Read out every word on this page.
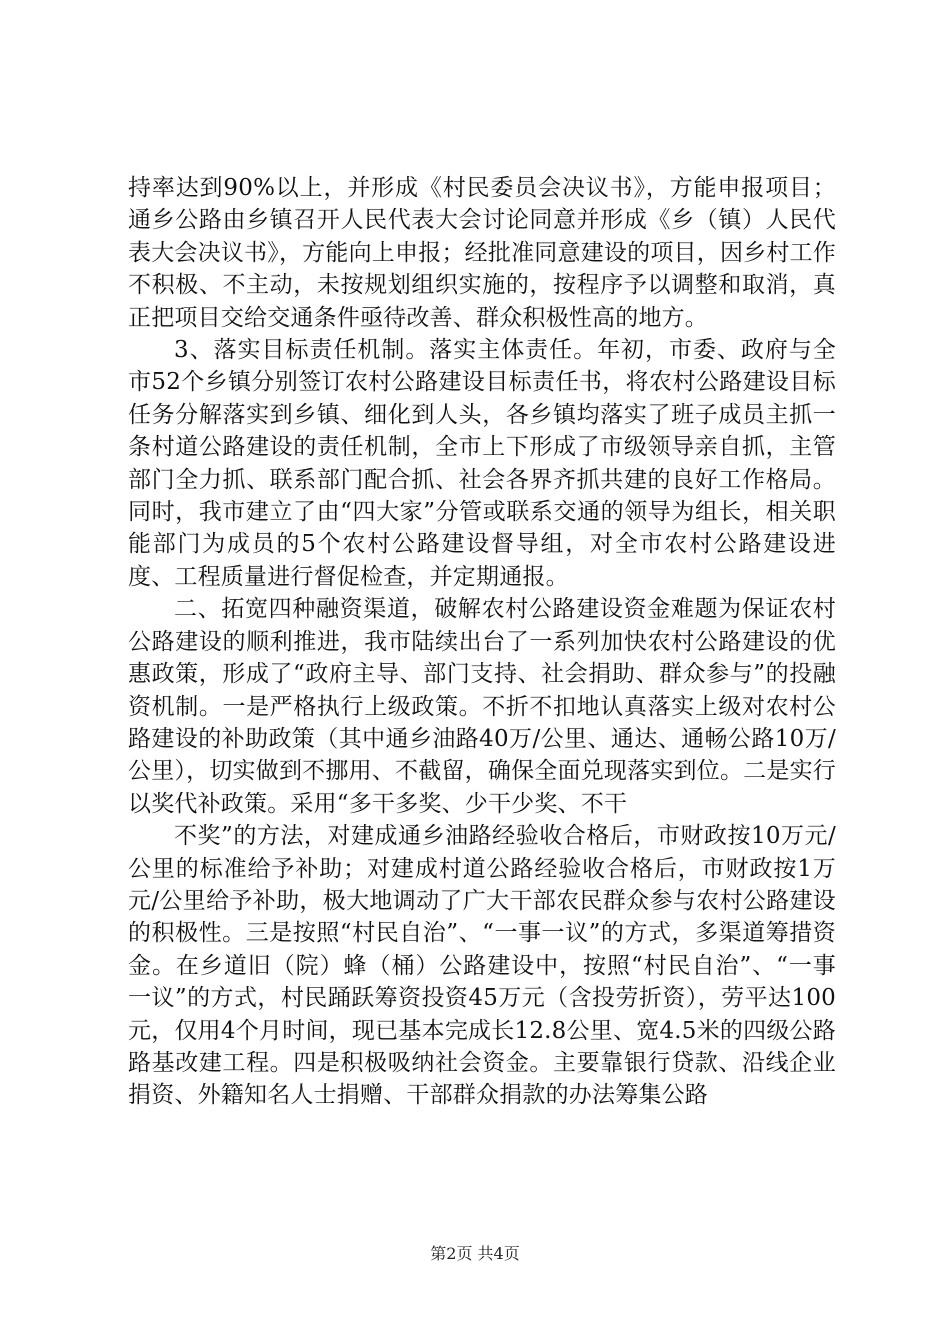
持率达到90%以上，并形成《村民委员会决议书》，方能申报项目；通乡公路由乡镇召开人民代表大会讨论同意并形成《乡（镇）人民代表大会决议书》，方能向上申报；经批准同意建设的项目，因乡村工作不积极、不主动，未按规划组织实施的，按程序予以调整和取消，真正把项目交给交通条件亟待改善、群众积极性高的地方。

3、落实目标责任机制。落实主体责任。年初，市委、政府与全市52个乡镇分别签订农村公路建设目标责任书，将农村公路建设目标任务分解落实到乡镇、细化到人头，各乡镇均落实了班子成员主抓一条村道公路建设的责任机制，全市上下形成了市级领导亲自抓，主管部门全力抓、联系部门配合抓、社会各界齐抓共建的良好工作格局。同时，我市建立了由“四大家”分管或联系交通的领导为组长，相关职能部门为成员的5个农村公路建设督导组，对全市农村公路建设进度、工程质量进行督促检查，并定期通报。

二、拓宽四种融资渠道，破解农村公路建设资金难题为保证农村公路建设的顺利推进，我市陆续出台了一系列加快农村公路建设的优惠政策，形成了“政府主导、部门支持、社会捐助、群众参与”的投融资机制。一是严格执行上级政策。不折不扣地认真落实上级对农村公路建设的补助政策（其中通乡油路40万/公里、通达、通畅公路10万/公里），切实做到不挪用、不截留，确保全面兑现落实到位。二是实行以奖代补政策。采用“多干多奖、少干少奖、不干

不奖”的方法，对建成通乡油路经验收合格后，市财政按10万元/公里的标准给予补助；对建成村道公路经验收合格后，市财政按1万元/公里给予补助，极大地调动了广大干部农民群众参与农村公路建设的积极性。三是按照“村民自治”、“一事一议”的方式，多渠道筹措资金。在乡道旧（院）蜂（桶）公路建设中，按照“村民自治”、“一事一议”的方式，村民踊跃筹资投资45万元（含投劳折资），劳平达100元，仅用4个月时间，现已基本完成长12.8公里、宽4.5米的四级公路路基改建工程。四是积极吸纳社会资金。主要靠银行贷款、沿线企业捐资、外籍知名人士捐赠、干部群众捐款的办法筹集公路

第2页 共4页
